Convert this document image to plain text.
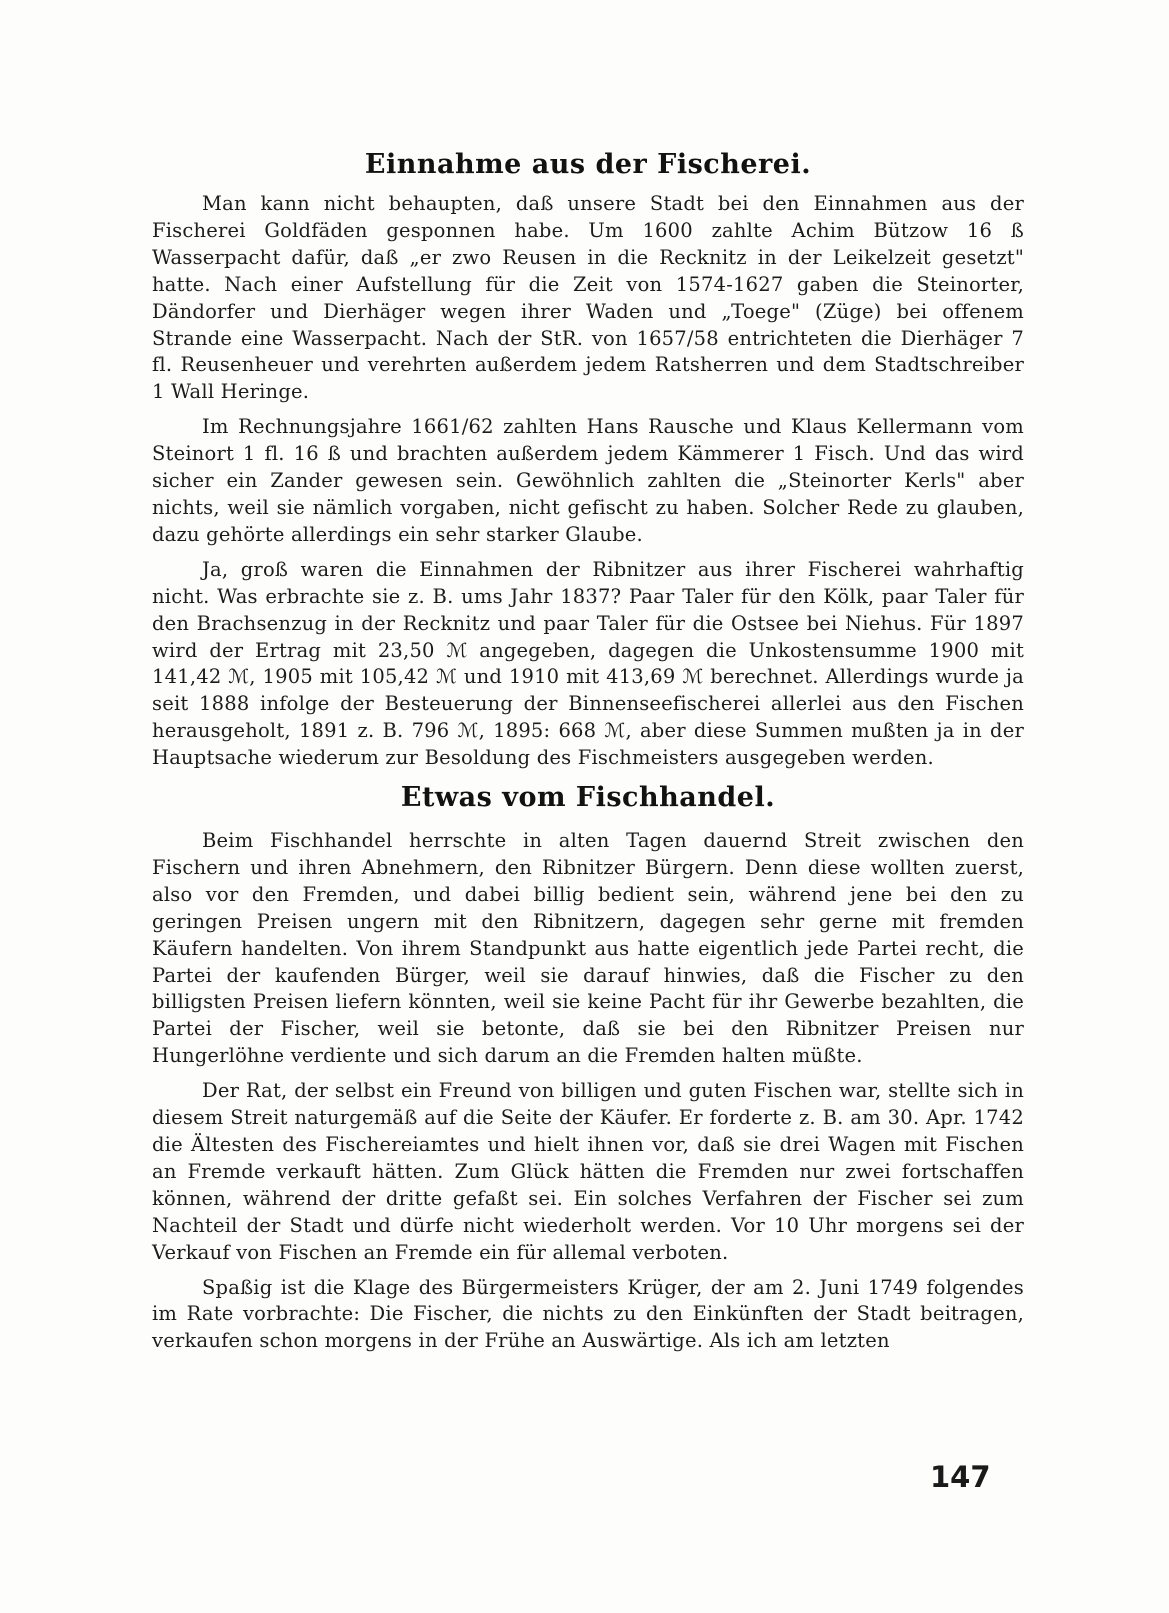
Einnahme aus der Fischerei.

Man kann nicht behaupten, daß unsere Stadt bei den Einnahmen aus der Fischerei Goldfäden gesponnen habe. Um 1600 zahlte Achim Bützow 16 ß Wasserpacht dafür, daß „er zwo Reusen in die Recknitz in der Leikelzeit gesetzt" hatte. Nach einer Aufstellung für die Zeit von 1574-1627 gaben die Steinorter, Dändorfer und Dierhäger wegen ihrer Waden und „Toege" (Züge) bei offenem Strande eine Wasserpacht. Nach der StR. von 1657/58 entrichteten die Dierhäger 7 fl. Reusenheuer und verehrten außerdem jedem Ratsherren und dem Stadtschreiber 1 Wall Heringe.

Im Rechnungsjahre 1661/62 zahlten Hans Rausche und Klaus Kellermann vom Steinort 1 fl. 16 ß und brachten außerdem jedem Kämmerer 1 Fisch. Und das wird sicher ein Zander gewesen sein. Gewöhnlich zahlten die „Steinorter Kerls" aber nichts, weil sie nämlich vorgaben, nicht gefischt zu haben. Solcher Rede zu glauben, dazu gehörte allerdings ein sehr starker Glaube.

Ja, groß waren die Einnahmen der Ribnitzer aus ihrer Fischerei wahrhaftig nicht. Was erbrachte sie z. B. ums Jahr 1837? Paar Taler für den Kölk, paar Taler für den Brachsenzug in der Recknitz und paar Taler für die Ostsee bei Niehus. Für 1897 wird der Ertrag mit 23,50 ℳ angegeben, dagegen die Unkostensumme 1900 mit 141,42 ℳ, 1905 mit 105,42 ℳ und 1910 mit 413,69 ℳ berechnet. Allerdings wurde ja seit 1888 infolge der Besteuerung der Binnenseefischerei allerlei aus den Fischen herausgeholt, 1891 z. B. 796 ℳ, 1895: 668 ℳ, aber diese Summen mußten ja in der Hauptsache wiederum zur Besoldung des Fischmeisters ausgegeben werden.

Etwas vom Fischhandel.

Beim Fischhandel herrschte in alten Tagen dauernd Streit zwischen den Fischern und ihren Abnehmern, den Ribnitzer Bürgern. Denn diese wollten zuerst, also vor den Fremden, und dabei billig bedient sein, während jene bei den zu geringen Preisen ungern mit den Ribnitzern, dagegen sehr gerne mit fremden Käufern handelten. Von ihrem Standpunkt aus hatte eigentlich jede Partei recht, die Partei der kaufenden Bürger, weil sie darauf hinwies, daß die Fischer zu den billigsten Preisen liefern könnten, weil sie keine Pacht für ihr Gewerbe bezahlten, die Partei der Fischer, weil sie betonte, daß sie bei den Ribnitzer Preisen nur Hungerlöhne verdiente und sich darum an die Fremden halten müßte.

Der Rat, der selbst ein Freund von billigen und guten Fischen war, stellte sich in diesem Streit naturgemäß auf die Seite der Käufer. Er forderte z. B. am 30. Apr. 1742 die Ältesten des Fischereiamtes und hielt ihnen vor, daß sie drei Wagen mit Fischen an Fremde verkauft hätten. Zum Glück hätten die Fremden nur zwei fortschaffen können, während der dritte gefaßt sei. Ein solches Verfahren der Fischer sei zum Nachteil der Stadt und dürfe nicht wiederholt werden. Vor 10 Uhr morgens sei der Verkauf von Fischen an Fremde ein für allemal verboten.

Spaßig ist die Klage des Bürgermeisters Krüger, der am 2. Juni 1749 folgendes im Rate vorbrachte: Die Fischer, die nichts zu den Einkünften der Stadt beitragen, verkaufen schon morgens in der Frühe an Auswärtige. Als ich am letzten

147
